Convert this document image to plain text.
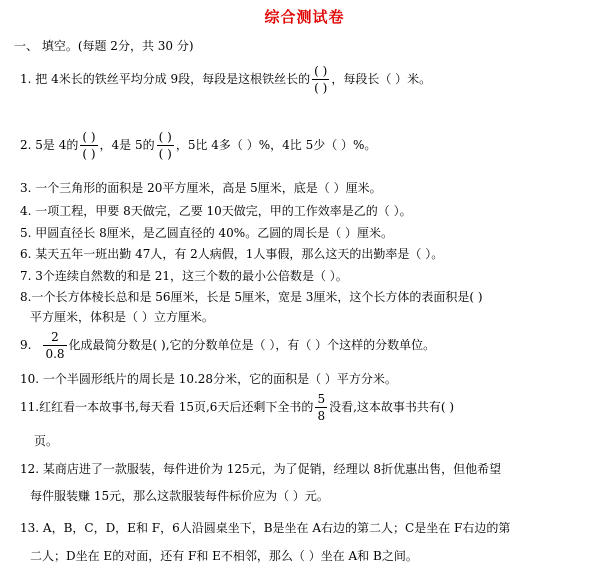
综合测试卷
一、 填空。(每题 2分，共 30 分)
1. 把 4米长的铁丝平均分成 9段，每段是这根铁丝长的 $\frac{( )}{( )}$ ，每段长（ ）米。
2. 5是 4的 $\frac{( )}{( )}$ ，4是 5的 $\frac{( )}{( )}$ ，5比 4多（ ）%，4比 5少（ ）%。
3. 一个三角形的面积是 20平方厘米，高是 5厘米，底是（ ）厘米。
4. 一项工程，甲要 8天做完，乙要 10天做完，甲的工作效率是乙的（ ）。
5. 甲圆直径长 8厘米，是乙圆直径的 40%。乙圆的周长是（ ）厘米。
6. 某天五年一班出勤 47人，有 2人病假，1人事假，那么这天的出勤率是（ ）。
7. 3个连续自然数的和是 21，这三个数的最小公倍数是（ ）。
8.一个长方体棱长总和是 56厘米，长是 5厘米，宽是 3厘米，这个长方体的表面积是( )
平方厘米，体积是（ ）立方厘米。
9. $\frac{2}{0.8}$ 化成最简分数是( ),它的分数单位是（ ），有（ ）个这样的分数单位。
10. 一个半圆形纸片的周长是 10.28分米，它的面积是（ ）平方分米。
11.红红看一本故事书,每天看 15页,6天后还剩下全书的 $\frac{5}{8}$ 没看,这本故事书共有( )
页。
12. 某商店进了一款服装，每件进价为 125元，为了促销，经理以 8折优惠出售，但他希望
每件服装赚 15元，那么这款服装每件标价应为（ ）元。
13. A，B，C，D，E和 F，6人沿圆桌坐下，B是坐在 A右边的第二人；C是坐在 F右边的第
二人；D坐在 E的对面，还有 F和 E不相邻，那么（ ）坐在 A和 B之间。
